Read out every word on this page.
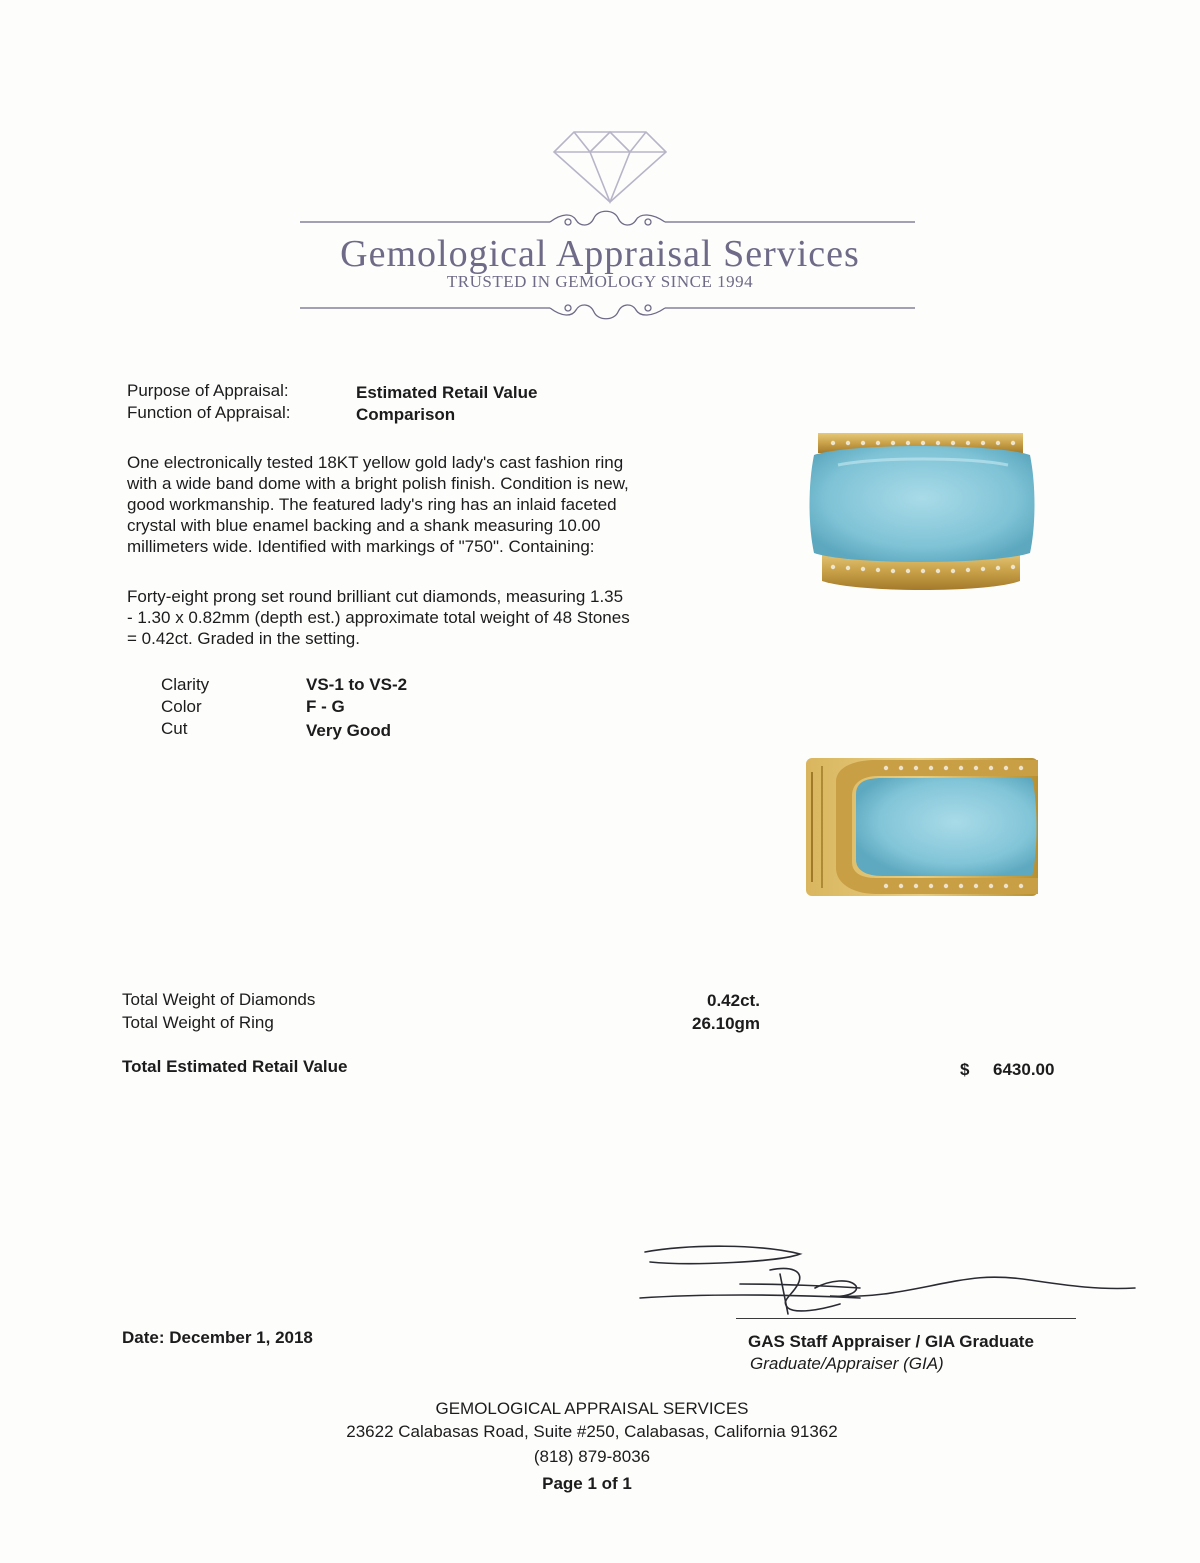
Gemological Appraisal Services
TRUSTED IN GEMOLOGY SINCE 1994
Purpose of Appraisal:	Estimated Retail Value
Function of Appraisal:	Comparison
One electronically tested 18KT yellow gold lady's cast fashion ring
with a wide band dome with a bright polish finish. Condition is new,
good workmanship. The featured lady's ring has an inlaid faceted
crystal with blue enamel backing and a shank measuring 10.00
millimeters wide. Identified with markings of "750". Containing:
Forty-eight prong set round brilliant cut diamonds, measuring 1.35
- 1.30 x 0.82mm (depth est.) approximate total weight of 48 Stones
= 0.42ct. Graded in the setting.
Clarity	VS-1 to VS-2
Color	F - G
Cut	Very Good
Total Weight of Diamonds	0.42ct.
Total Weight of Ring	26.10gm
Total Estimated Retail Value	$ 6430.00
Date: December 1, 2018	GAS Staff Appraiser / GIA Graduate
Graduate/Appraiser (GIA)
GEMOLOGICAL APPRAISAL SERVICES
23622 Calabasas Road, Suite #250, Calabasas, California 91362
(818) 879-8036
Page 1 of 1
